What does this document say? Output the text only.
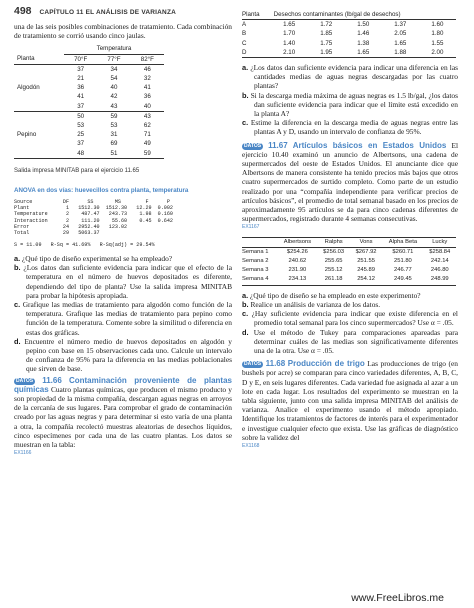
498 CAPÍTULO 11 EL ANÁLISIS DE VARIANZA
una de las seis posibles combinaciones de tratamiento. Cada combinación de tratamiento se corrió usando cinco jaulas.
	Temperatura		
Planta	70°F	77°F	82°F
	37	34	46
	21	54	32
Algodón	36	40	41
	41	42	36
	37	43	40
	50	59	43
	53	53	62
Pepino	25	31	71
	37	69	49
	48	51	59
Salida impresa MINITAB para el ejercicio 11.65
ANOVA en dos vías: huevecillos contra planta, temperatura
Source          DF      SS       MS        F      P
Plant            1   1512.30  1512.30   12.29  0.002
Temperature      2    487.47   243.73    1.98  0.160
Interaction      2    111.20    55.60    0.45  0.642
Error           24   2952.40   123.02
Total           29   5063.37

S = 11.09   R-Sq = 41.69%   R-Sq(adj) = 29.54%

a. ¿Qué tipo de diseño experimental se ha empleado?

b. ¿Los datos dan suficiente evidencia para indicar que el efecto de la temperatura en el número de huevos depositados es diferente, dependiendo del tipo de planta? Use la salida impresa MINITAB para probar la hipótesis apropiada.

c. Grafique las medias de tratamiento para algodón como función de la temperatura. Grafique las medias de tratamiento para pepino como función de la temperatura. Comente sobre la similitud o diferencia en estas dos gráficas.

d. Encuentre el número medio de huevos depositados en algodón y pepino con base en 15 observaciones cada uno. Calcule un intervalo de confianza de 95% para la diferencia en las medias poblacionales que sirven de base.

DATOS 11.66 Contaminación proveniente de plantas químicas Cuatro plantas químicas, que producen el mismo producto y son propiedad de la misma compañía, descargan aguas negras en arroyos de la cercanía de sus lugares. Para comprobar el grado de contaminación creado por las aguas negras y para determinar si esto varía de una planta a otra, la compañía recolectó muestras aleatorias de desechos líquidos, cinco especímenes por cada una de las cuatro plantas. Los datos se muestran en la tabla:
EX1166
Planta	Desechos contaminantes (lb/gal de desechos)				
A	1.65	1.72	1.50	1.37	1.60
B	1.70	1.85	1.46	2.05	1.80
C	1.40	1.75	1.38	1.65	1.55
D	2.10	1.95	1.65	1.88	2.00

a. ¿Los datos dan suficiente evidencia para indicar una diferencia en las cantidades medias de aguas negras descargadas por las cuatro plantas?

b. Si la descarga media máxima de aguas negras es 1.5 lb/gal, ¿los datos dan suficiente evidencia para indicar que el límite está excedido en la planta A?

c. Estime la diferencia en la descarga media de aguas negras entre las plantas A y D, usando un intervalo de confianza de 95%.

DATOS 11.67 Artículos básicos en Estados Unidos El ejercicio 10.40 examinó un anuncio de Albertsons, una cadena de supermercados del oeste de Estados Unidos. El anunciante dice que Albertsons de manera consistente ha tenido precios más bajos que otros cuatro supermercados de surtido completo. Como parte de un estudio realizado por una “compañía independiente para verificar precios de artículos básicos”, el promedio de total semanal basado en los precios de aproximadamente 95 artículos se da para cinco cadenas diferentes de supermercados, registrado durante 4 semanas consecutivas.
EX1167
	Albertsons	Ralphs	Vons	Alpha Beta	Lucky
Semana 1	$254.26	$256.03	$267.92	$260.71	$258.84
Semana 2	240.62	255.65	251.55	251.80	242.14
Semana 3	231.90	255.12	245.89	246.77	246.80
Semana 4	234.13	261.18	254.12	249.45	248.99

a. ¿Qué tipo de diseño se ha empleado en este experimento?

b. Realice un análisis de varianza de los datos.

c. ¿Hay suficiente evidencia para indicar que existe diferencia en el promedio total semanal para los cinco supermercados? Use α = .05.

d. Use el método de Tukey para comparaciones apareadas para determinar cuáles de las medias son significativamente diferentes una de la otra. Use α = .05.

DATOS 11.68 Producción de trigo Las producciones de trigo (en bushels por acre) se comparan para cinco variedades diferentes, A, B, C, D y E, en seis lugares diferentes. Cada variedad fue asignada al azar a un lote en cada lugar. Los resultados del experimento se muestran en la tabla siguiente, junto con una salida impresa MINITAB del análisis de varianza. Analice el experimento usando el método apropiado. Identifique los tratamientos de factores de interés para el experimentador e investigue cualquier efecto que exista. Use las gráficas de diagnóstico sobre la validez del
EX1168
www.FreeLibros.me
